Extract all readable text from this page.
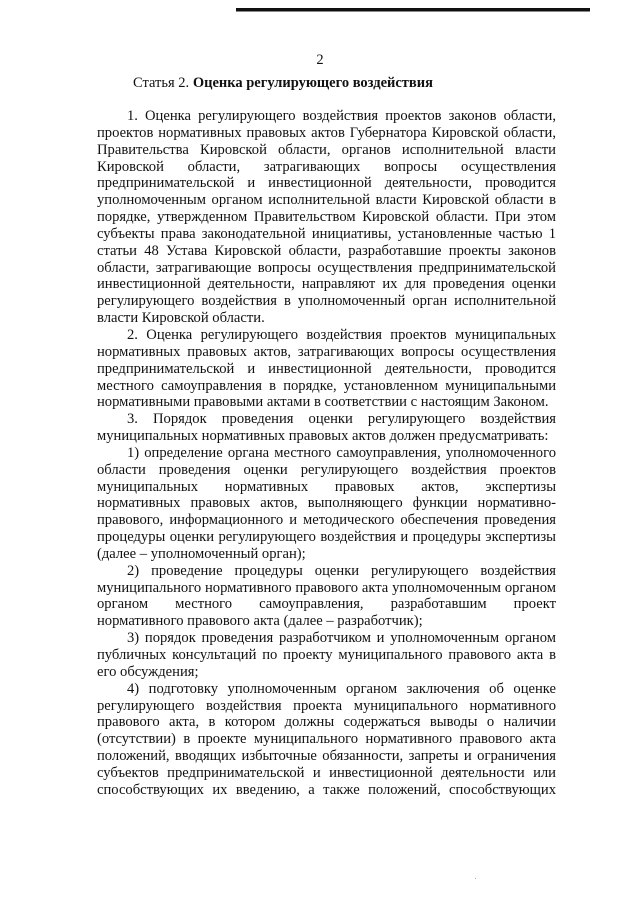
2
Статья 2. Оценка регулирующего воздействия
1. Оценка регулирующего воздействия проектов законов области,
проектов нормативных правовых актов Губернатора Кировской области,
Правительства Кировской области, органов исполнительной власти
Кировской области, затрагивающих вопросы осуществления
предпринимательской и инвестиционной деятельности, проводится
уполномоченным органом исполнительной власти Кировской области в
порядке, утвержденном Правительством Кировской области. При этом
субъекты права законодательной инициативы, установленные частью 1
статьи 48 Устава Кировской области, разработавшие проекты законов
области, затрагивающие вопросы осуществления предпринимательской
инвестиционной деятельности, направляют их для проведения оценки
регулирующего воздействия в уполномоченный орган исполнительной
власти Кировской области.
2. Оценка регулирующего воздействия проектов муниципальных
нормативных правовых актов, затрагивающих вопросы осуществления
предпринимательской и инвестиционной деятельности, проводится
местного самоуправления в порядке, установленном муниципальными
нормативными правовыми актами в соответствии с настоящим Законом.
3. Порядок проведения оценки регулирующего воздействия
муниципальных нормативных правовых актов должен предусматривать:
1) определение органа местного самоуправления, уполномоченного
области проведения оценки регулирующего воздействия проектов
муниципальных нормативных правовых актов, экспертизы
нормативных правовых актов, выполняющего функции нормативно-
правового, информационного и методического обеспечения проведения
процедуры оценки регулирующего воздействия и процедуры экспертизы
(далее – уполномоченный орган);
2) проведение процедуры оценки регулирующего воздействия
муниципального нормативного правового акта уполномоченным органом
органом местного самоуправления, разработавшим проект
нормативного правового акта (далее – разработчик);
3) порядок проведения разработчиком и уполномоченным органом
публичных консультаций по проекту муниципального правового акта в
его обсуждения;
4) подготовку уполномоченным органом заключения об оценке
регулирующего воздействия проекта муниципального нормативного
правового акта, в котором должны содержаться выводы о наличии
(отсутствии) в проекте муниципального нормативного правового акта
положений, вводящих избыточные обязанности, запреты и ограничения
субъектов предпринимательской и инвестиционной деятельности или
способствующих их введению, а также положений, способствующих
